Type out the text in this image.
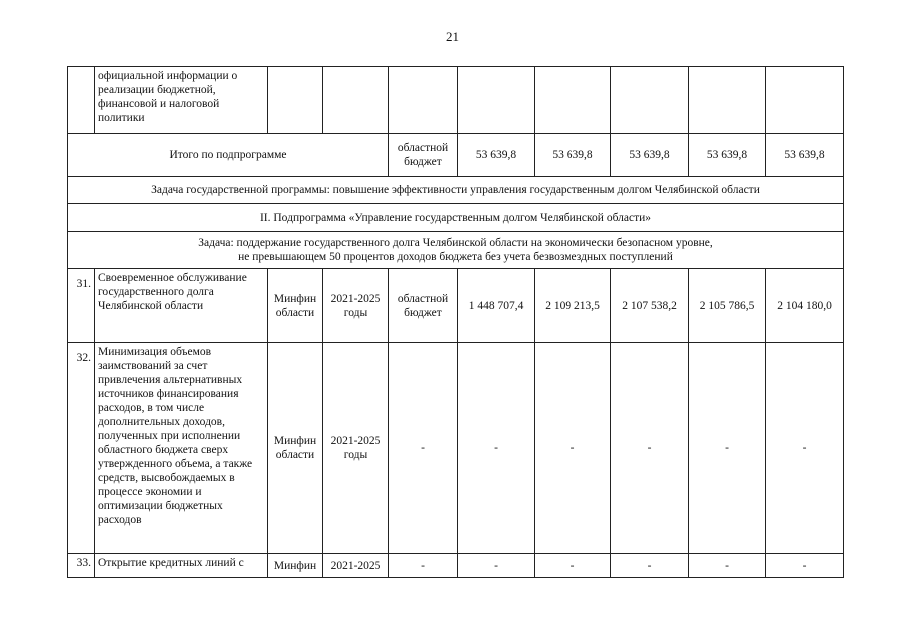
21
	официальной информации о реализации бюджетной, финансовой и налоговой политики								
Итого по подпрограмме				областной бюджет	53 639,8	53 639,8	53 639,8	53 639,8	53 639,8
Задача государственной программы: повышение эффективности управления государственным долгом Челябинской области									
II. Подпрограмма «Управление государственным долгом Челябинской области»									

Задача: поддержание государственного долга Челябинской области на экономически безопасном уровне,
не превышающем 50 процентов доходов бюджета без учета безвозмездных поступлений									

31.	Своевременное обслуживание государственного долга Челябинской области	Минфин области	2021-2025 годы	областной бюджет	1 448 707,4	2 109 213,5	2 107 538,2	2 105 786,5	2 104 180,0
32.	Минимизация объемов заимствований за счет привлечения альтернативных источников финансирования расходов, в том числе дополнительных доходов, полученных при исполнении областного бюджета сверх утвержденного объема, а также средств, высвобождаемых в процессе экономии и оптимизации бюджетных расходов	Минфин области	2021-2025 годы	-	-	-	-	-	-
33.	Открытие кредитных линий с	Минфин	2021-2025	-	-	-	-	-	-
